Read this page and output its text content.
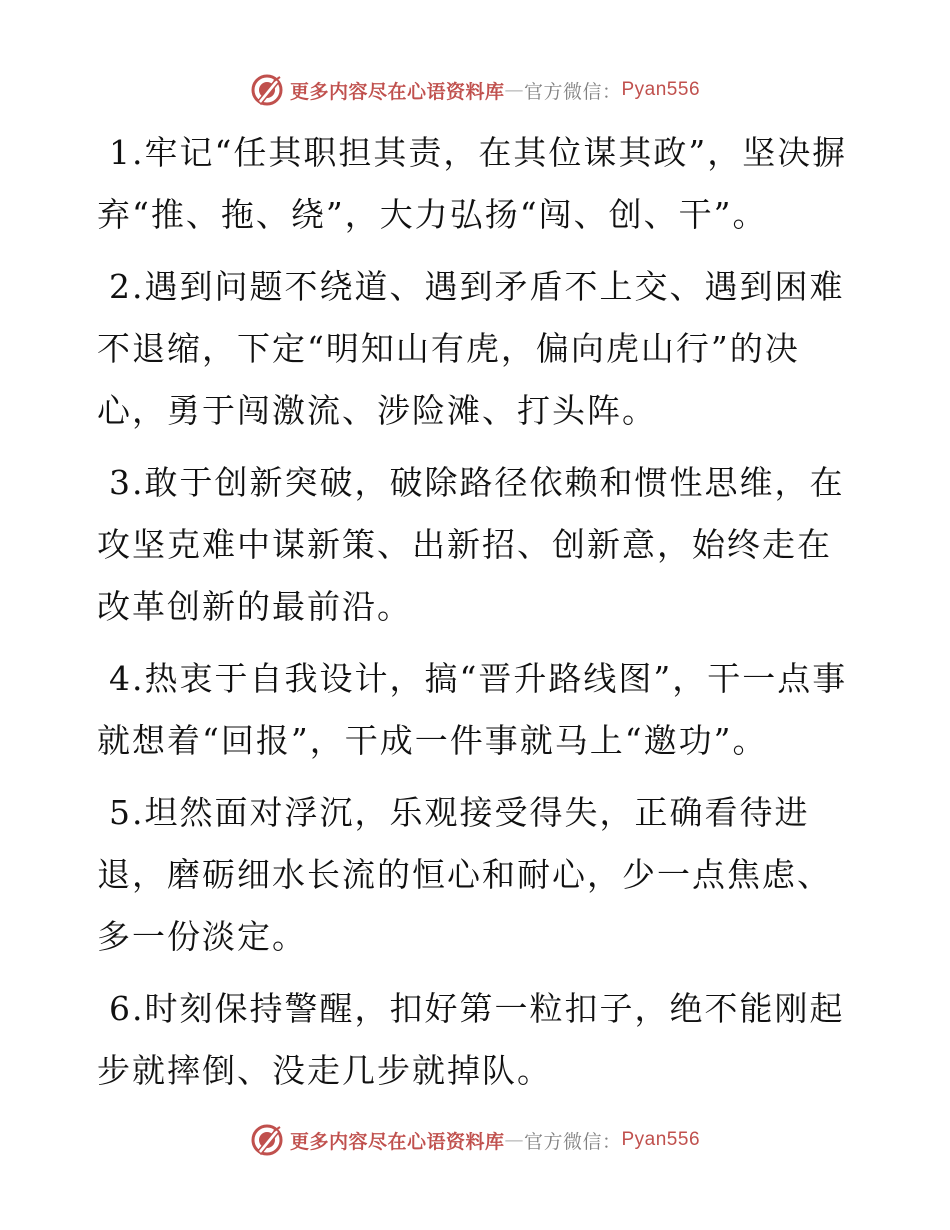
更多内容尽在心语资料库 — 官方微信： Pyan556

1.牢记“任其职担其责，在其位谋其政”，坚决摒弃“推、拖、绕”，大力弘扬“闯、创、干”。

2.遇到问题不绕道、遇到矛盾不上交、遇到困难不退缩，下定“明知山有虎，偏向虎山行”的决心，勇于闯激流、涉险滩、打头阵。

3.敢于创新突破，破除路径依赖和惯性思维，在攻坚克难中谋新策、出新招、创新意，始终走在改革创新的最前沿。

4.热衷于自我设计，搞“晋升路线图”，干一点事就想着“回报”，干成一件事就马上“邀功”。

5.坦然面对浮沉，乐观接受得失，正确看待进退，磨砺细水长流的恒心和耐心，少一点焦虑、多一份淡定。

6.时刻保持警醒，扣好第一粒扣子，绝不能刚起步就摔倒、没走几步就掉队。

更多内容尽在心语资料库 — 官方微信： Pyan556
